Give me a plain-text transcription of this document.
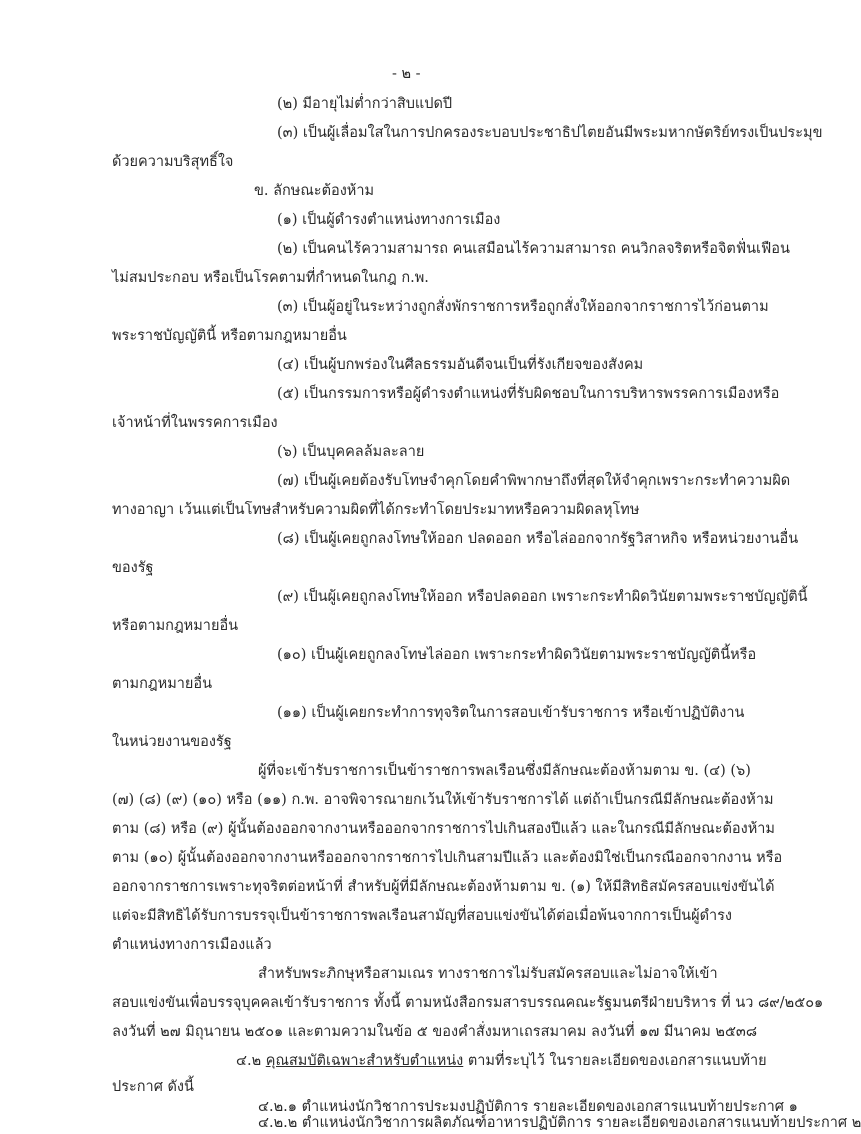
- ๒ -
(๒) มีอายุไม่ต่ำกว่าสิบแปดปี
(๓) เป็นผู้เลื่อมใสในการปกครองระบอบประชาธิปไตยอันมีพระมหากษัตริย์ทรงเป็นประมุข
ด้วยความบริสุทธิ์ใจ
ข. ลักษณะต้องห้าม
(๑) เป็นผู้ดำรงตำแหน่งทางการเมือง
(๒) เป็นคนไร้ความสามารถ คนเสมือนไร้ความสามารถ คนวิกลจริตหรือจิตฟั่นเฟือน
ไม่สมประกอบ หรือเป็นโรคตามที่กำหนดในกฎ ก.พ.
(๓) เป็นผู้อยู่ในระหว่างถูกสั่งพักราชการหรือถูกสั่งให้ออกจากราชการไว้ก่อนตาม
พระราชบัญญัตินี้ หรือตามกฎหมายอื่น
(๔) เป็นผู้บกพร่องในศีลธรรมอันดีจนเป็นที่รังเกียจของสังคม
(๕) เป็นกรรมการหรือผู้ดำรงตำแหน่งที่รับผิดชอบในการบริหารพรรคการเมืองหรือ
เจ้าหน้าที่ในพรรคการเมือง
(๖) เป็นบุคคลล้มละลาย
(๗) เป็นผู้เคยต้องรับโทษจำคุกโดยคำพิพากษาถึงที่สุดให้จำคุกเพราะกระทำความผิด
ทางอาญา เว้นแต่เป็นโทษสำหรับความผิดที่ได้กระทำโดยประมาทหรือความผิดลหุโทษ
(๘) เป็นผู้เคยถูกลงโทษให้ออก ปลดออก หรือไล่ออกจากรัฐวิสาหกิจ หรือหน่วยงานอื่น
ของรัฐ
(๙) เป็นผู้เคยถูกลงโทษให้ออก หรือปลดออก เพราะกระทำผิดวินัยตามพระราชบัญญัตินี้
หรือตามกฎหมายอื่น
(๑๐) เป็นผู้เคยถูกลงโทษไล่ออก เพราะกระทำผิดวินัยตามพระราชบัญญัตินี้หรือ
ตามกฎหมายอื่น
(๑๑) เป็นผู้เคยกระทำการทุจริตในการสอบเข้ารับราชการ หรือเข้าปฏิบัติงาน
ในหน่วยงานของรัฐ
ผู้ที่จะเข้ารับราชการเป็นข้าราชการพลเรือนซึ่งมีลักษณะต้องห้ามตาม ข. (๔) (๖)
(๗) (๘) (๙) (๑๐) หรือ (๑๑) ก.พ. อาจพิจารณายกเว้นให้เข้ารับราชการได้ แต่ถ้าเป็นกรณีมีลักษณะต้องห้าม
ตาม (๘) หรือ (๙) ผู้นั้นต้องออกจากงานหรือออกจากราชการไปเกินสองปีแล้ว และในกรณีมีลักษณะต้องห้าม
ตาม (๑๐) ผู้นั้นต้องออกจากงานหรือออกจากราชการไปเกินสามปีแล้ว และต้องมิใช่เป็นกรณีออกจากงาน หรือ
ออกจากราชการเพราะทุจริตต่อหน้าที่ สำหรับผู้ที่มีลักษณะต้องห้ามตาม ข. (๑) ให้มีสิทธิสมัครสอบแข่งขันได้
แต่จะมีสิทธิได้รับการบรรจุเป็นข้าราชการพลเรือนสามัญที่สอบแข่งขันได้ต่อเมื่อพ้นจากการเป็นผู้ดำรง
ตำแหน่งทางการเมืองแล้ว
สำหรับพระภิกษุหรือสามเณร ทางราชการไม่รับสมัครสอบและไม่อาจให้เข้า
สอบแข่งขันเพื่อบรรจุบุคคลเข้ารับราชการ ทั้งนี้ ตามหนังสือกรมสารบรรณคณะรัฐมนตรีฝ่ายบริหาร ที่ นว ๘๙/๒๕๐๑
ลงวันที่ ๒๗ มิถุนายน ๒๕๐๑ และตามความในข้อ ๕ ของคำสั่งมหาเถรสมาคม ลงวันที่ ๑๗ มีนาคม ๒๕๓๘
๔.๒ คุณสมบัติเฉพาะสำหรับตำแหน่ง ตามที่ระบุไว้ ในรายละเอียดของเอกสารแนบท้าย
ประกาศ ดังนี้
๔.๒.๑ ตำแหน่งนักวิชาการประมงปฏิบัติการ รายละเอียดของเอกสารแนบท้ายประกาศ ๑
๔.๒.๒ ตำแหน่งนักวิชาการผลิตภัณฑ์อาหารปฏิบัติการ รายละเอียดของเอกสารแนบท้ายประกาศ ๒
